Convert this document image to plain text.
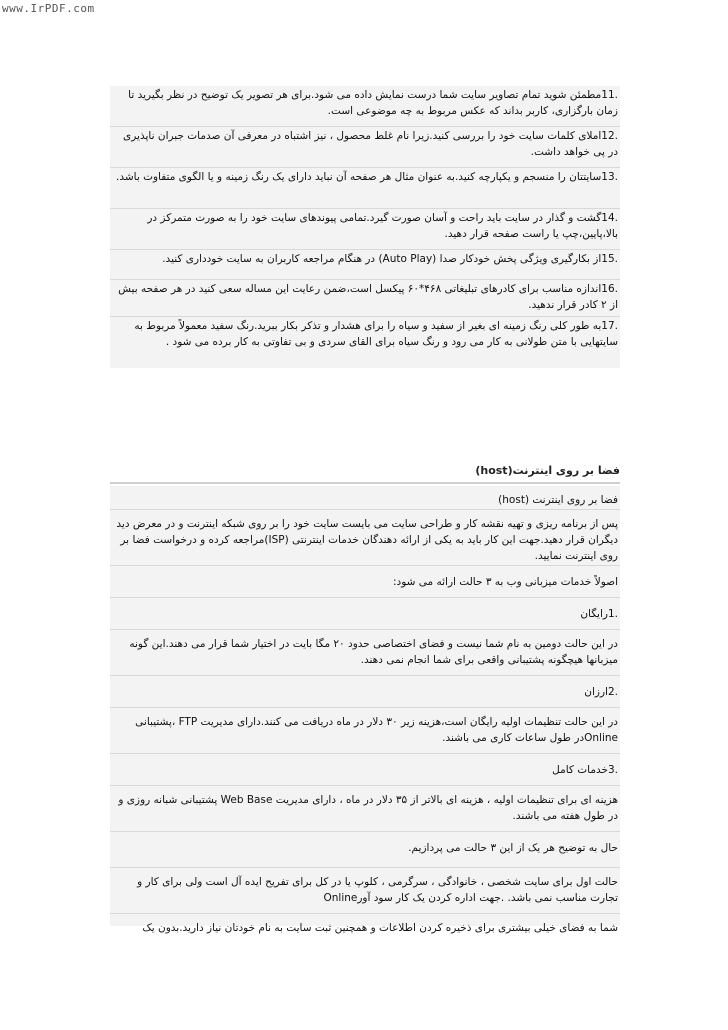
www.IrPDF.com
.11مطمئن شوید تمام تصاویر سایت شما درست نمایش داده می شود.برای هر تصویر یک توضیح در نظر بگیرید تا زمان بارگزاری، کاربر بداند که عکس مربوط به چه موضوعی است.
.12املای کلمات سایت خود را بررسی کنید.زیرا نام غلط محصول ، نیز اشتباه در معرفی آن صدمات جبران ناپذیری در پی خواهد داشت.
.13سایتتان را منسجم و یکپارچه کنید.به عنوان مثال هر صفحه آن نباید دارای یک رنگ زمینه و یا الگوی متفاوت باشد.
.14گشت و گذار در سایت باید راحت و آسان صورت گیرد.تمامی پیوندهای سایت خود را به صورت متمرکز در بالا،پایین،چپ یا راست صفحه قرار دهید.
.15از بکارگیری ویژگی پخش خودکار صدا (Auto Play) در هنگام مراجعه کاربران به سایت خودداری کنید.
.16اندازه مناسب برای کادرهای تبلیغاتی ۴۶۸*۶۰ پیکسل است،ضمن رعایت این مساله سعی کنید در هر صفحه بیش از ۲ کادر قرار ندهید.
.17به طور کلی رنگ زمینه ای بغیر از سفید و سیاه را برای هشدار و تذکر بکار ببرید.رنگ سفید معمولاً مربوط به سایتهایی با متن طولانی به کار می رود و رنگ سیاه برای القای سردی و بی تفاوتی به کار برده می شود .
فضا بر روی اینترنت(host)
فضا بر روی اینترنت (host)
پس از برنامه ریزی و تهیه نقشه کار و طراحی سایت می بایست سایت خود را بر روی شبکه اینترنت و در معرض دید دیگران قرار دهید.جهت این کار باید به یکی از ارائه دهندگان خدمات اینترنتی (ISP)مراجعه کرده و درخواست فضا بر روی اینترنت نمایید.
اصولاً خدمات میزبانی وب به ۳ حالت ارائه می شود:
.1رایگان
در این حالت دومین به نام شما نیست و فضای اختصاصی حدود ۲۰ مگا بایت در اختیار شما قرار می دهند.این گونه میزبانها هیچگونه پشتیبانی واقعی برای شما انجام نمی دهند.
.2ارزان
در این حالت تنظیمات اولیه رایگان است،هزینه زیر ۳۰ دلار در ماه دریافت می کنند.دارای مدیریت FTP ،پشتیبانی Onlineدر طول ساعات کاری می باشند.
.3خدمات کامل
هزینه ای برای تنظیمات اولیه ، هزینه ای بالاتر از ۳۵ دلار در ماه ، دارای مدیریت Web Base پشتیبانی شبانه روزی و در طول هفته می باشند.
حال به توضیح هر یک از این ۳ حالت می پردازیم.
حالت اول برای سایت شخصی ، خانوادگی ، سرگرمی ، کلوپ یا در کل برای تفریح ایده آل است ولی برای کار و تجارت مناسب نمی باشد. .جهت اداره کردن یک کار سود آورOnline
شما به فضای خیلی بیشتری برای ذخیره کردن اطلاعات و همچنین ثبت سایت به نام خودتان نیاز دارید.بدون یک
